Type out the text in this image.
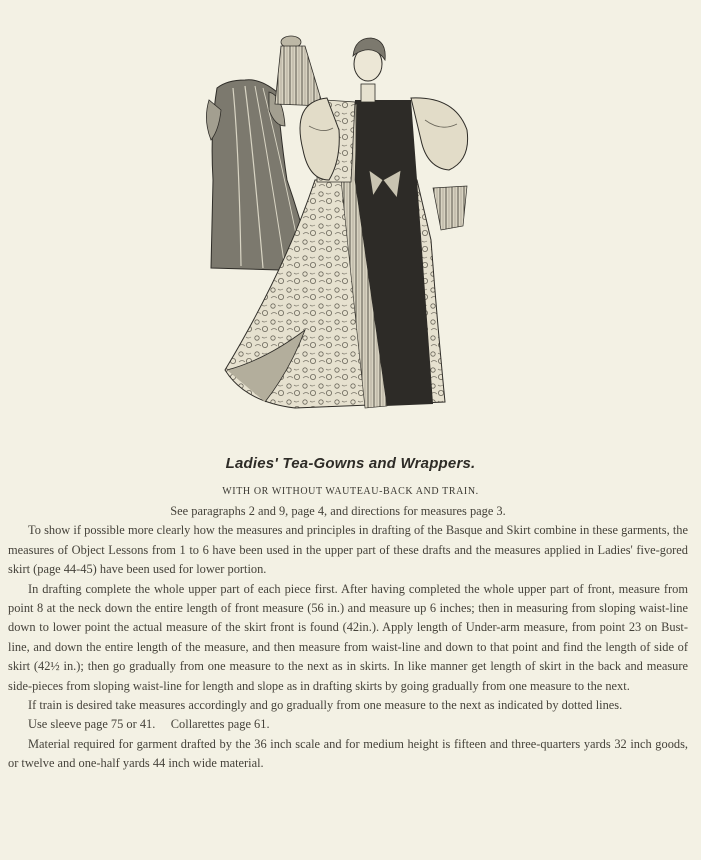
Ladies' Tea-Gowns and Wrappers.
WITH OR WITHOUT WAUTEAU-BACK AND TRAIN.

See paragraphs 2 and 9, page 4, and directions for measures page 3.

To show if possible more clearly how the measures and principles in drafting of the Basque and Skirt combine in these garments, the measures of Object Lessons from 1 to 6 have been used in the upper part of these drafts and the measures applied in Ladies' five-gored skirt (page 44-45) have been used for lower portion.

In drafting complete the whole upper part of each piece first. After having completed the whole upper part of front, measure from point 8 at the neck down the entire length of front measure (56 in.) and measure up 6 inches; then in measuring from sloping waist-line down to lower point the actual measure of the skirt front is found (42in.). Apply length of Under-arm measure, from point 23 on Bust-line, and down the entire length of the measure, and then measure from waist-line and down to that point and find the length of side of skirt (42½ in.); then go gradually from one measure to the next as in skirts. In like manner get length of skirt in the back and measure side-pieces from sloping waist-line for length and slope as in drafting skirts by going gradually from one measure to the next.

If train is desired take measures accordingly and go gradually from one measure to the next as indicated by dotted lines.

Use sleeve page 75 or 41.     Collarettes page 61.

Material required for garment drafted by the 36 inch scale and for medium height is fifteen and three-quarters yards 32 inch goods, or twelve and one-half yards 44 inch wide material.
